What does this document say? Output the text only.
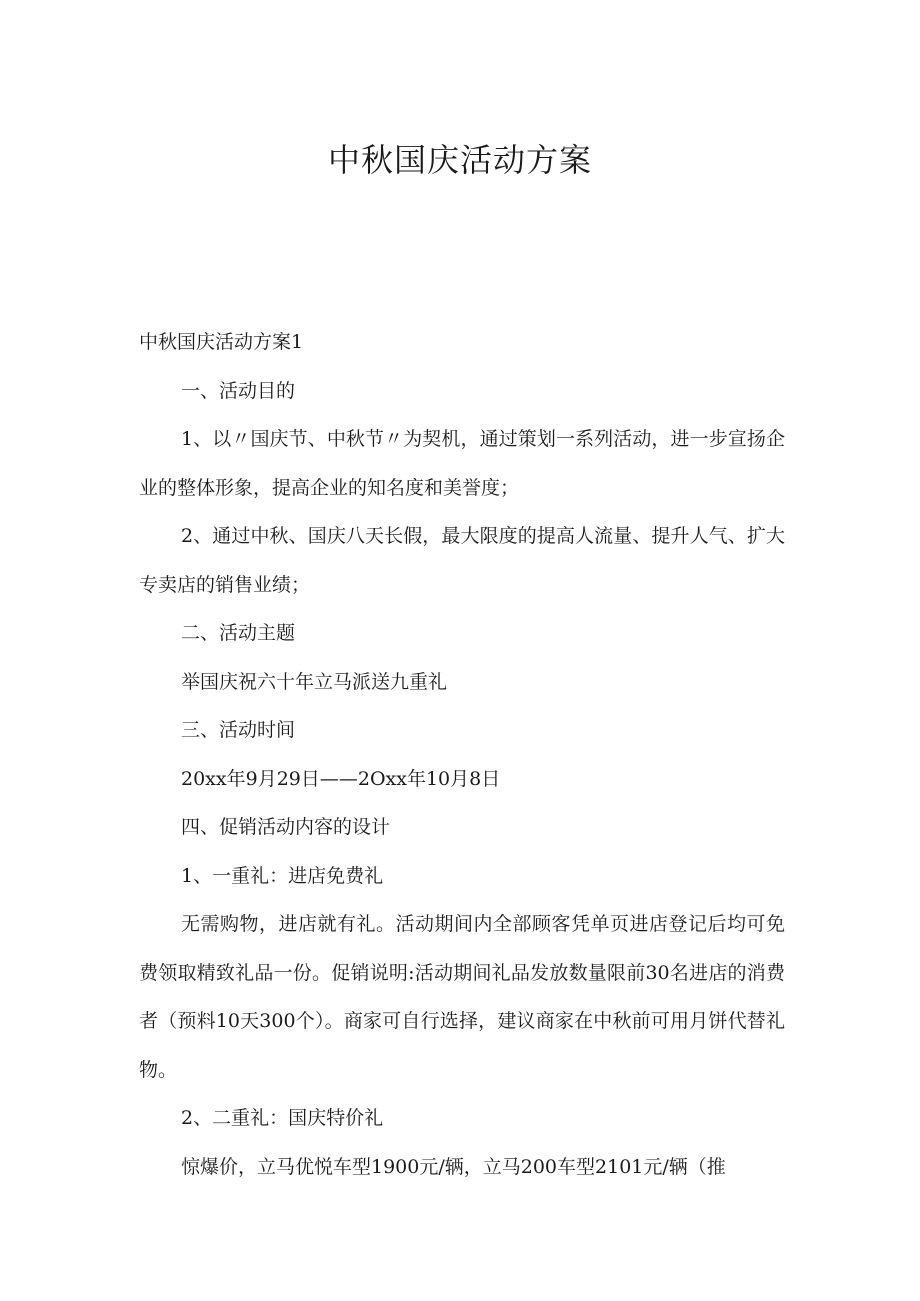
中秋国庆活动方案

中秋国庆活动方案1

一、活动目的

1、以〃国庆节、中秋节〃为契机，通过策划一系列活动，进一步宣扬企业的整体形象，提高企业的知名度和美誉度；

2、通过中秋、国庆八天长假，最大限度的提高人流量、提升人气、扩大专卖店的销售业绩；

二、活动主题

举国庆祝六十年立马派送九重礼

三、活动时间

20xx年9月29日——2Oxx年10月8日

四、促销活动内容的设计

1、一重礼：进店免费礼

无需购物，进店就有礼。活动期间内全部顾客凭单页进店登记后均可免费领取精致礼品一份。促销说明:活动期间礼品发放数量限前30名进店的消费者（预料10天300个）。商家可自行选择，建议商家在中秋前可用月饼代替礼物。

2、二重礼：国庆特价礼

惊爆价，立马优悦车型1900元/辆，立马200车型2101元/辆（推
